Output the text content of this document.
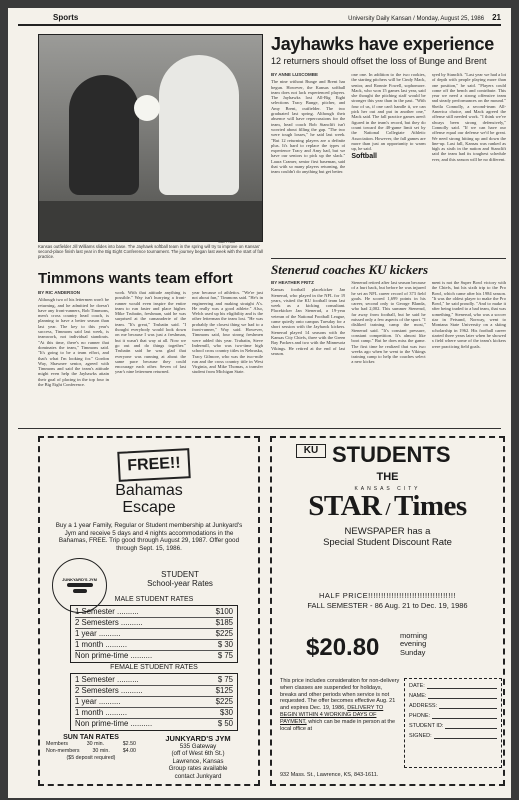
Sports	University Daily Kansan / Monday, August 25, 1986 21
Staff Photo
Kansas outfielder Jill Williams slides into base. The Jayhawk softball team in the spring will try to improve on Kansas' second-place finish last year in the Big Eight Conference tournament. The journey began last week with the start of fall practice.
Jayhawks have experience
12 returners should offset the loss of Bunge and Brent
BY ANNE LUSCOMBE
The nine without Bunge and Brent has begun. However, the Kansas softball team does not lack experienced players. The Jayhawks lost All-Big Eight selections Tracy Bunge, pitcher, and Amy Brent, outfielder. The two graduated last spring. Although their absence will have repercussions for the team, head coach Bob Stanclift isn't worried about filling the gap. "The two were tough losses," he said last week. "But 12 returning players are a definite plus. It's hard to replace the types of experience Tracy and Amy had, but we have our seniors to pick up the slack." Laura Cramer, senior first baseman, said that with so many players returning, the team couldn't do anything but get better.
one one. In addition to the two rookies, the starting pitchers will be Cindy Mack, senior, and Ronnie Fowell, sophomore. Mack, who won 15 games last year, said she thought the pitching staff would be stronger this year than in the past. "With four of us, if one can't handle it, we can pick her out and put in another one," Mack said. The fall practice games aren't figured in the team's record, but they do count toward the 40-game limit set by the National Collegiate Athletic Association. However, the fall games are more than just an opportunity to warm up, he said.
Softball
ayed by Stanclift. "Last year we had a lot of depth with people playing more than one position," he said. "Players could come off the bench and contribute. This year we need a strong offensive team and steady performances on the mound." Sheila Connolly, a second-team All-America choice, and Mack agreed the offense still needed work. "I think we've always been strong defensively," Connolly said. "If we can have our offense equal our defense we'd be great. We need strong hitting up and down the line-up. Last fall, Kansas was ranked as high as sixth in the nation and Stanclift said the team had its toughest schedule ever, and this season will be no different.
Timmons wants team effort
BY RIC ANDERSON
Although two of his lettermen won't be returning, and he admitted he doesn't have any front-runners, Bob Timmons, men's cross country head coach, is planning to have a better season than last year. The key to this year's success, Timmons said last week, is teamwork, not individual standouts. "At this time, there's no runner that dominates the team," Timmons said. "It's going to be a team effort, and that's what I'm looking for." Gordon Way, Shawnee senior, agreed with Timmons and said the team's attitude might even help the Jayhawks attain their goal of placing in the top four in the Big Eight Conference.
work. With that attitude anything is possible." Way isn't hurrying a front-runner would even inspire the entire team to run faster and place higher. Mike Trubatin, freshman, said he was surprised at the camaraderie of the team. "It's great," Trubatin said. "I thought everybody would look down on me because I was just a freshman, but it wasn't that way at all. Now we go out and do things together." Trubatin said he was glad that everyone was running at about the same pace because they could encourage each other. Seven of last year's nine lettermen returned.
year because of athletics. "We're just not about fun," Timmons said. "He's in engineering and making straight A's. He really was a good athlete." Also, Welch used up his eligibility and is the other letterman the team lost. "He was probably the closest thing we had to a front-runner," Way said. However, Timmons said, four strong freshmen were added this year. Trubatin, Steve Indermill, who was two-time high school cross country titles in Nebraska, Tracy Gilmore, who was the two-mile run and the cross country title in West Virginia, and Mike Thomas, a transfer student from Michigan State.
Stenerud coaches KU kickers
BY HEATHER FRITZ
Kansas football placekicker Jan Stenerud, who played in the NFL for 19 years, visited the KU football team last week as a kicking consultant. Placekicker Jan Stenerud, a 19-year veteran of the National Football League, came quietly onto campus Tuesday for a short session with the Jayhawk kickers. Stenerud played 14 seasons with the Kansas City Chiefs, three with the Green Bay Packers and two with the Minnesota Vikings. He retired at the end of last season.
Stenerud retired after last season because of a hurt back, but before he was injured he set an NFL career record of 373 field goals. He scored 1,699 points in his career, second only to George Blanda, who had 2,002. This summer Stenerud, far away from football, but he said he missed only a few aspects of the sport. "I disliked training camp the most," Stenerud said. "It's constant pressure, constant competition. It's almost like boot camp." But he does miss the game. The first time he realized that was two weeks ago when he went to the Vikings training camp to help the coaches select a new kicker.
ment is not the Super Bowl victory with the Chiefs, but his sixth trip to the Pro Bowl, which came after his 1984 season. "It was the oldest player to make the Pro Bowl," he said proudly. "And to make it after being traded to a bad team, that was something." Stenerud, who was a soccer star in Fetsund, Norway, went to Montana State University on a skiing scholarship in 1962. His football career started three years later when he showed a field where some of the team's kickers were practicing field goals.
FREE!!
Bahamas
Escape
Buy a 1 year Family, Regular or Student membership at Junkyard's Jym and receive 5 days and 4 nights accommodations in the Bahamas, FREE. Trip good through August 29, 1987. Offer good through Sept. 15, 1986.
JUNKYARD'S JYM
STUDENT
School-year Rates
MALE STUDENT RATES
1 Semester ..........	$100
2 Semesters ..........	$185
1 year ..........	$225
1 month ..........	$ 30
Non prime-time ..........	$ 75
FEMALE STUDENT RATES
1 Semester ..........	$ 75
2 Semesters ..........	$125
1 year ..........	$225
1 month ..........	$30
Non prime-time ..........	$ 50
SUN TAN RATES
Members	30 min.	$2.50
Non-members 30 min. $4.00
($5 deposit required)
JUNKYARD'S JYM
535 Gateway
(off of West 6th St.)
Lawrence, Kansas
Group rates available
contact Junkyard
KU STUDENTS
THE
KANSAS CITY
STAR / Times
NEWSPAPER has a
Special Student Discount Rate
HALF PRICE!!!!!!!!!!!!!!!!!!!!!!!!!!!!!!!!!!
FALL SEMESTER - 86 Aug. 21 to Dec. 19, 1986
$20.80	morning
evening
Sunday
This price includes consideration for non-delivery when classes are suspended for holidays, breaks and other periods when service is not requested. The offer becomes effective Aug. 21 and expires Dec. 19, 1986, DELIVERY TO BEGIN WITHIN 4 WORKING DAYS OF PAYMENT, which can be made in person at the local office at
DATE:
NAME:
ADDRESS:
PHONE:
STUDENT ID:
SIGNED:
932 Mass. St., Lawrence, KS, 843-1611.
